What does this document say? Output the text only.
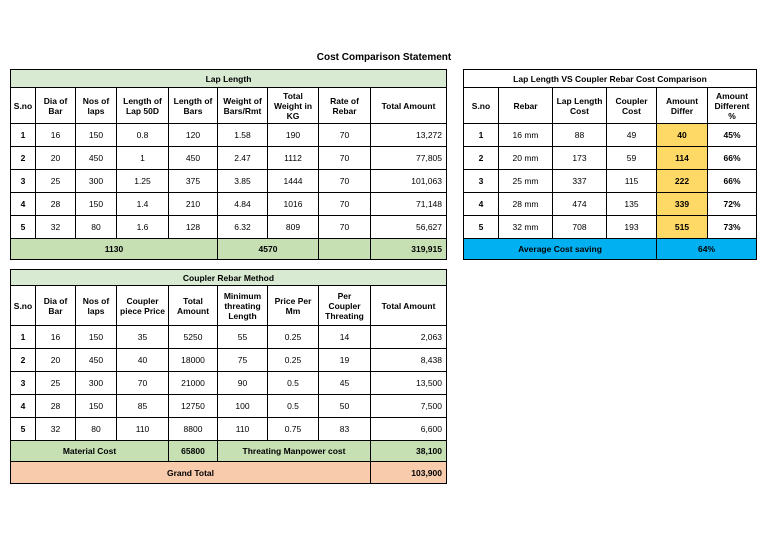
Cost Comparison Statement
Lap Length								
S.no	Dia of Bar	Nos of laps	Length of Lap 50D	Length of Bars	Weight of Bars/Rmt	Total Weight in KG	Rate of Rebar	Total Amount
1	16	150	0.8	120	1.58	190	70	13,272
2	20	450	1	450	2.47	1112	70	77,805
3	25	300	1.25	375	3.85	1444	70	101,063
4	28	150	1.4	210	4.84	1016	70	71,148
5	32	80	1.6	128	6.32	809	70	56,627
1130					4570			319,915
Lap Length VS Coupler Rebar Cost Comparison					
S.no	Rebar	Lap Length Cost	Coupler Cost	Amount Differ	Amount Different %
1	16 mm	88	49	40	45%
2	20 mm	173	59	114	66%
3	25 mm	337	115	222	66%
4	28 mm	474	135	339	72%
5	32 mm	708	193	515	73%
Average Cost saving				64%	
Coupler Rebar Method								
S.no	Dia of Bar	Nos of laps	Coupler piece Price	Total Amount	Minimum threating Length	Price Per Mm	Per Coupler Threating	Total Amount
1	16	150	35	5250	55	0.25	14	2,063
2	20	450	40	18000	75	0.25	19	8,438
3	25	300	70	21000	90	0.5	45	13,500
4	28	150	85	12750	100	0.5	50	7,500
5	32	80	110	8800	110	0.75	83	6,600
Material Cost				65800	Threating Manpower cost			38,100
Grand Total								103,900
